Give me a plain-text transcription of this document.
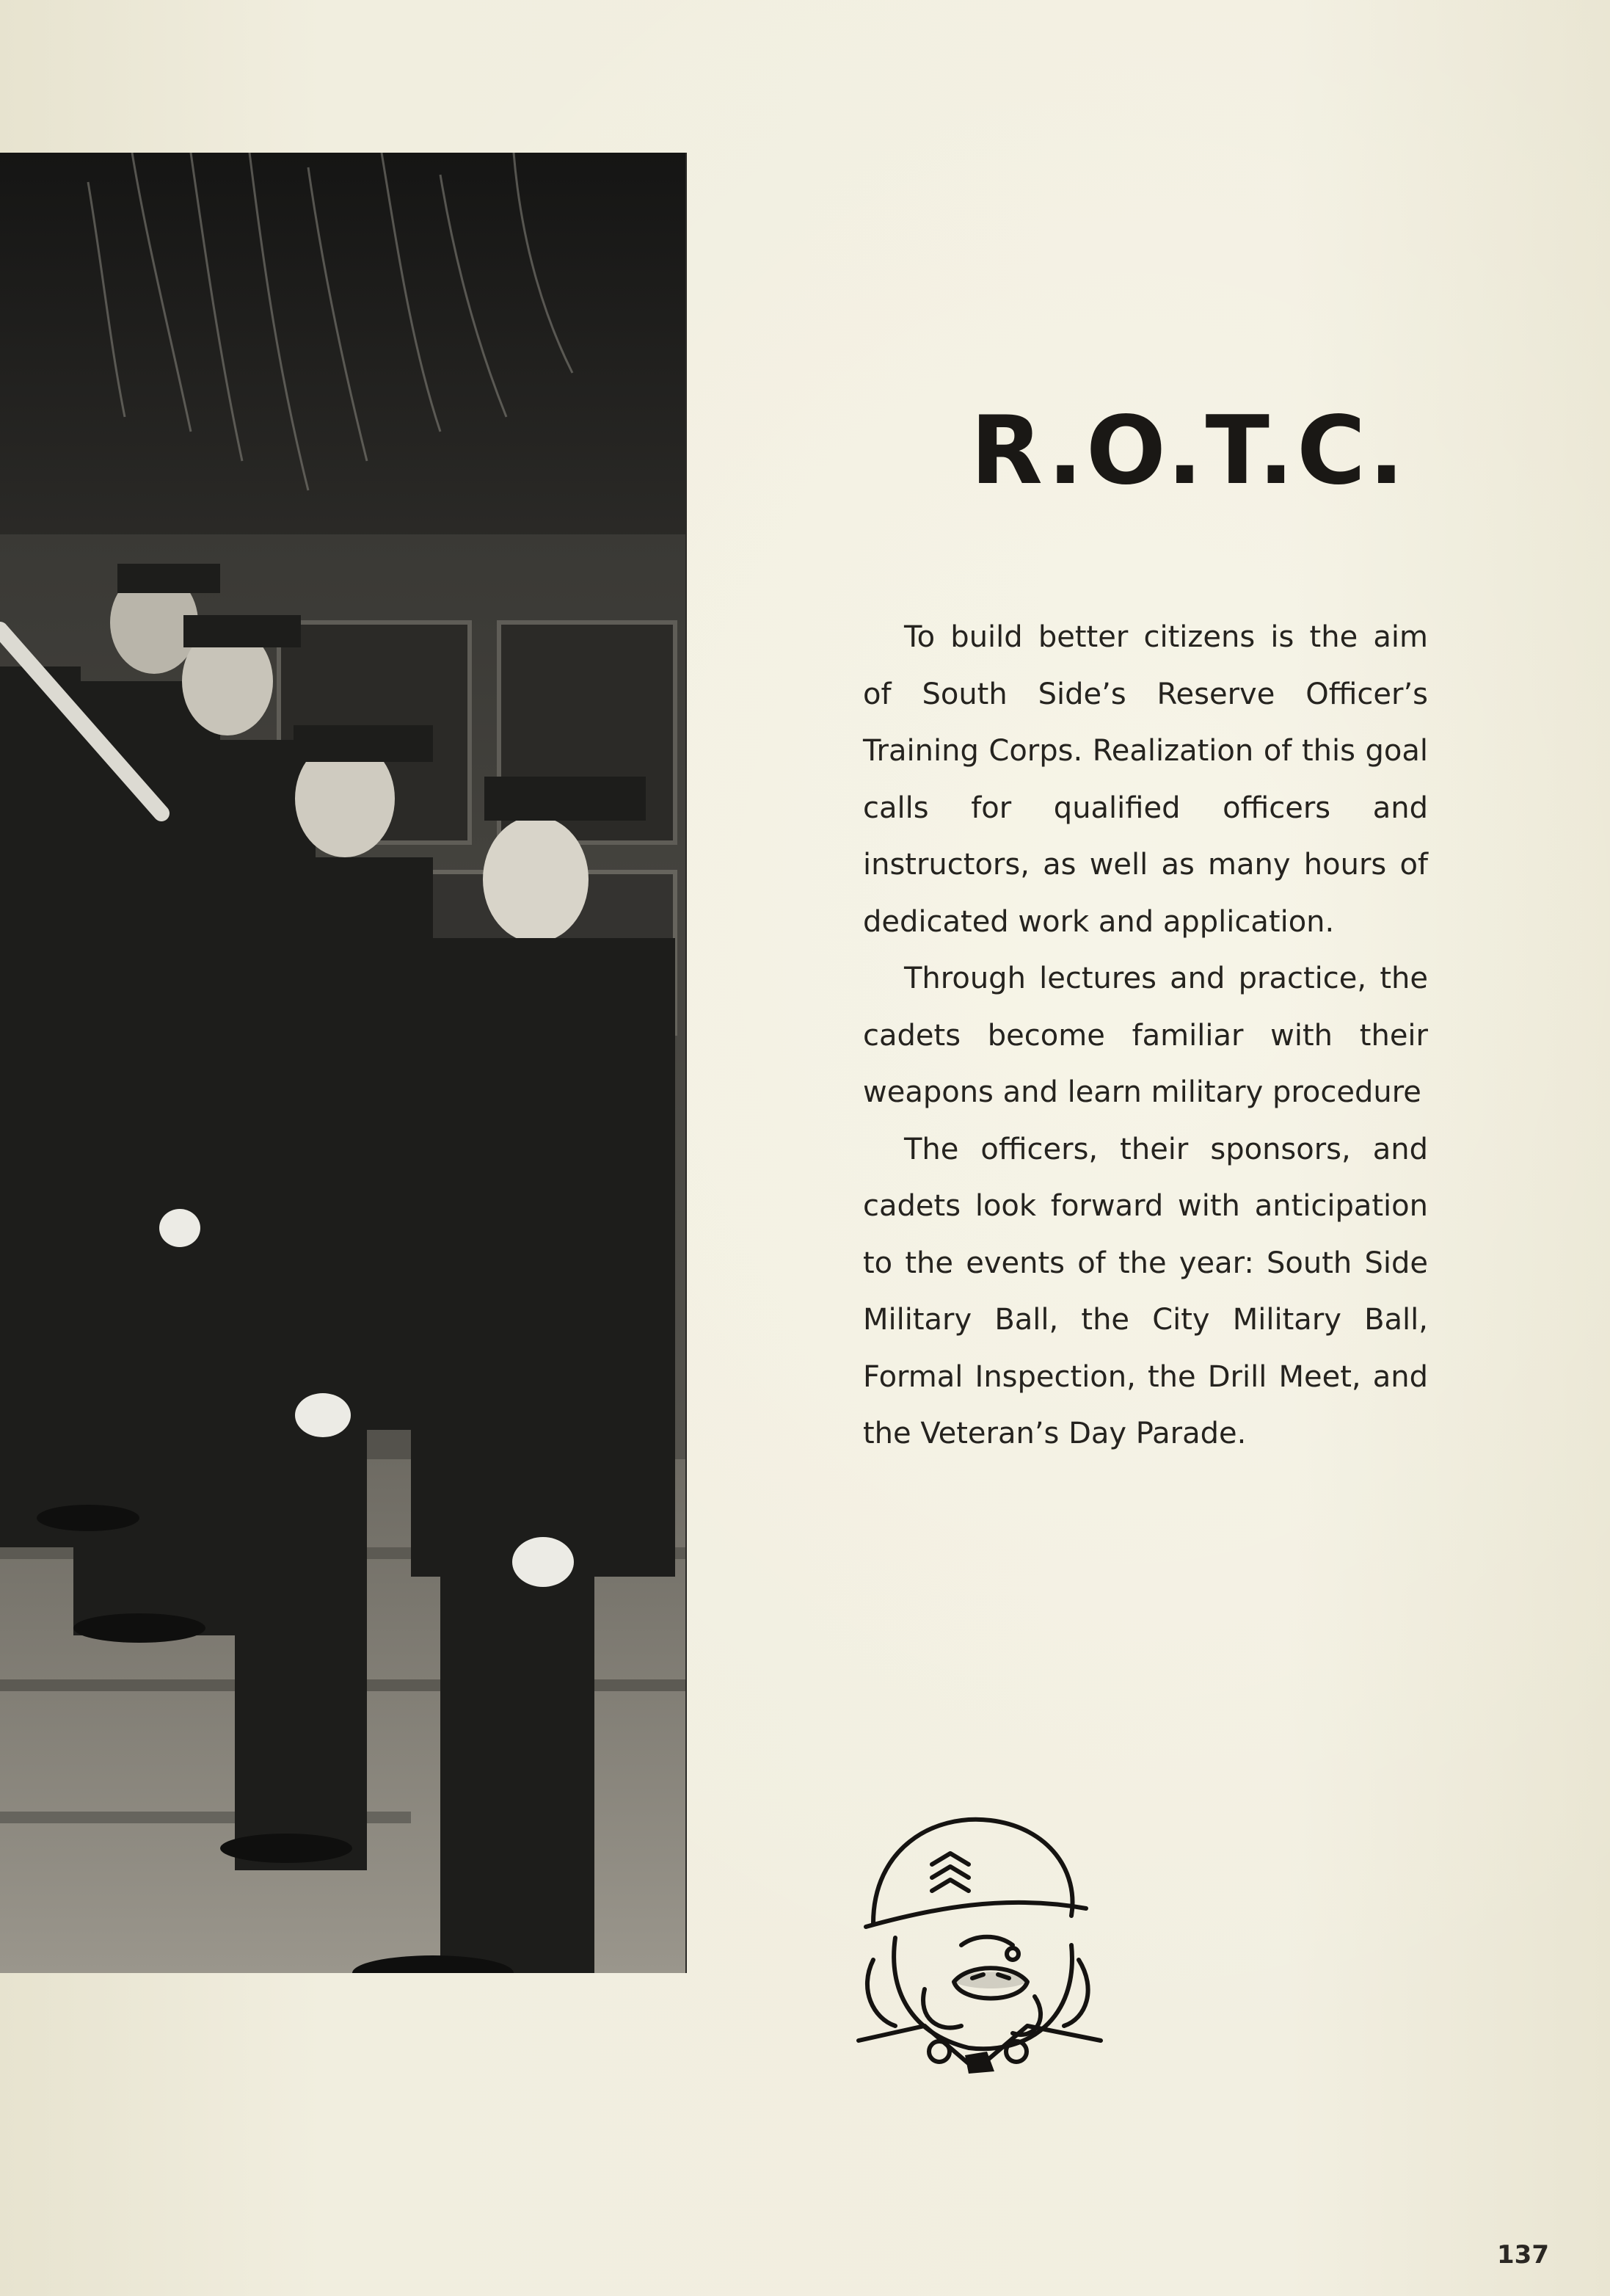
R.O.T.C.

To build better citizens is the aim of South Side’s Reserve Officer’s Training Corps. Realization of this goal calls for qualified officers and instructors, as well as many hours of dedicated work and application.

Through lectures and practice, the cadets become familiar with their weapons and learn military procedure

The officers, their sponsors, and cadets look forward with anticipation to the events of the year: South Side Military Ball, the City Military Ball, Formal Inspection, the Drill Meet, and the Veteran’s Day Parade.

137
